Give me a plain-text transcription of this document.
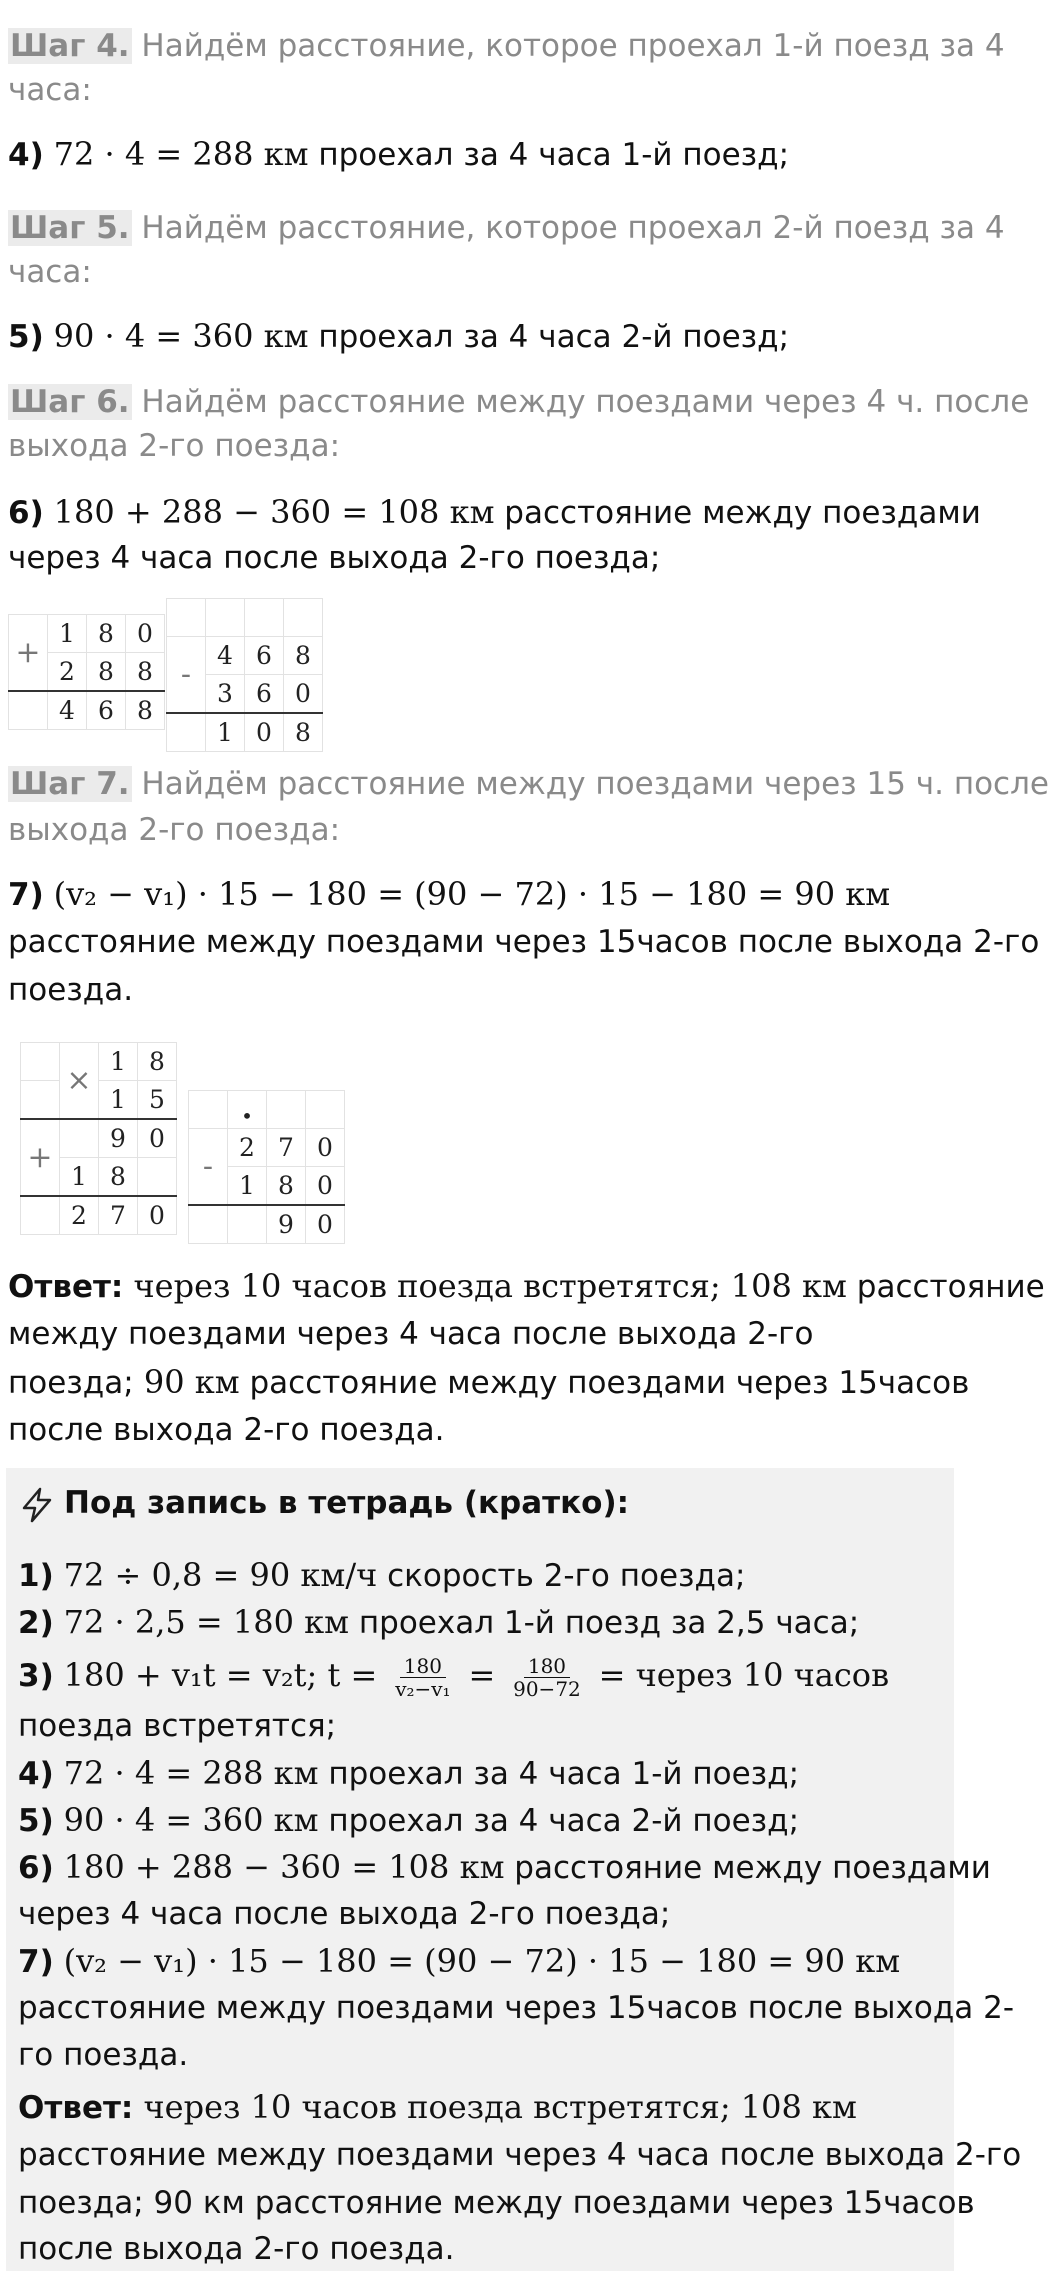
Шаг 4. Найдём расстояние, которое проехал 1-й поезд за 4
часа:
4) 72 · 4 = 288 км проехал за 4 часа 1-й поезд;
Шаг 5. Найдём расстояние, которое проехал 2-й поезд за 4
часа:
5) 90 · 4 = 360 км проехал за 4 часа 2-й поезд;
Шаг 6. Найдём расстояние между поездами через 4 ч. после
выхода 2-го поезда:
6) 180 + 288 − 360 = 108 км расстояние между поездами
через 4 часа после выхода 2-го поезда;
+	1	8	0
	2	8	8
	4	6	8

-	4	6	8
	3	6	0
	1	0	8
Шаг 7. Найдём расстояние между поездами через 15 ч. после
выхода 2-го поезда:
7) (v₂ − v₁) · 15 − 180 = (90 − 72) · 15 − 180 = 90 км
расстояние между поездами через 15часов после выхода 2-го
поезда.
	×	1	8
		1	5
+		9	0
	1	8	
	2	7	0
	•		
-	2	7	0
	1	8	0
		9	0
Ответ: через 10 часов поезда встретятся; 108 км расстояние
между поездами через 4 часа после выхода 2-го
поезда; 90 км расстояние между поездами через 15часов
после выхода 2-го поезда.
Под запись в тетрадь (кратко):
1) 72 ÷ 0,8 = 90 км/ч скорость 2-го поезда;
2) 72 · 2,5 = 180 км проехал 1-й поезд за 2,5 часа;
3) 180 + v₁t = v₂t; $t = \frac{180}{\text{v₂−v₁}} = \frac{180}{90-72}$ = через 10 часов
поезда встретятся;
4) 72 · 4 = 288 км проехал за 4 часа 1-й поезд;
5) 90 · 4 = 360 км проехал за 4 часа 2-й поезд;
6) 180 + 288 − 360 = 108 км расстояние между поездами
через 4 часа после выхода 2-го поезда;
7) (v₂ − v₁) · 15 − 180 = (90 − 72) · 15 − 180 = 90 км
расстояние между поездами через 15часов после выхода 2-
го поезда.
Ответ: через 10 часов поезда встретятся; 108 км
расстояние между поездами через 4 часа после выхода 2-го
поезда; 90 км расстояние между поездами через 15часов
после выхода 2-го поезда.
